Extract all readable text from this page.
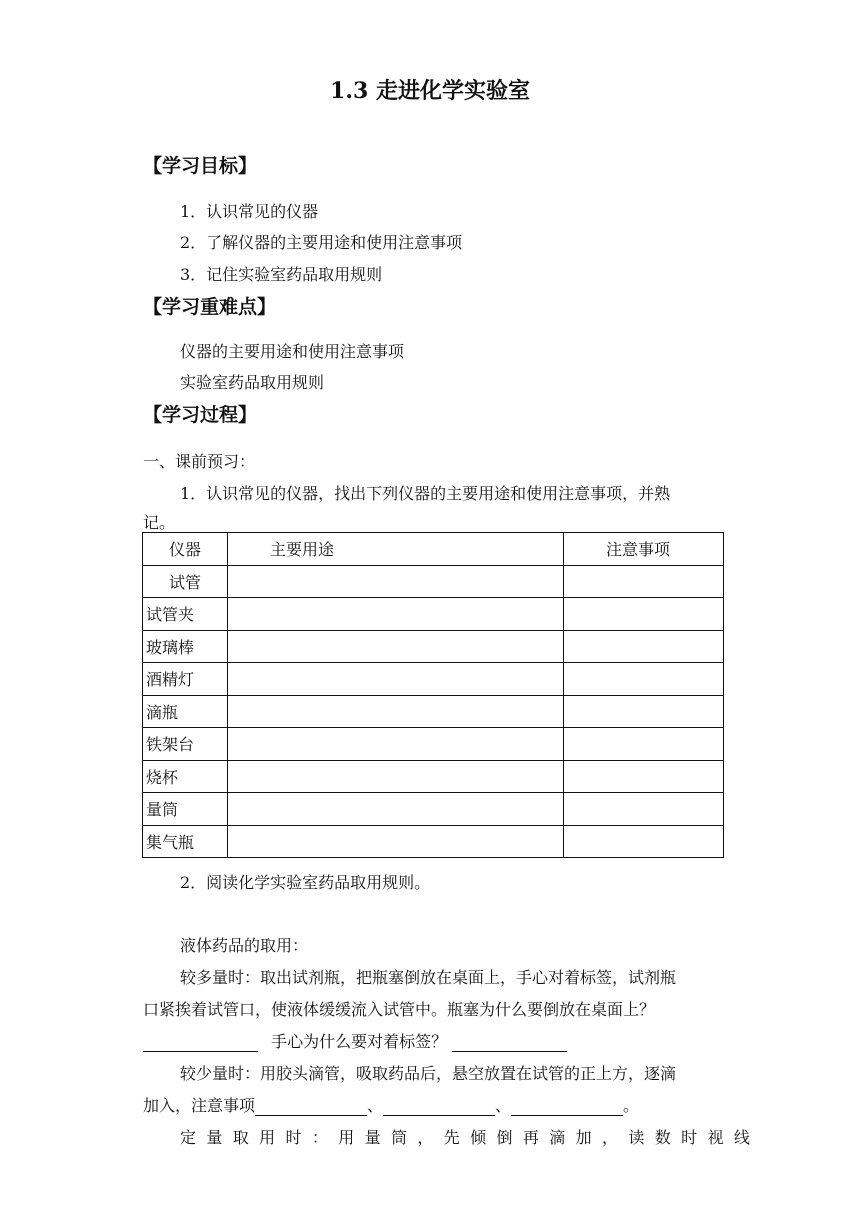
1.3 走进化学实验室
【学习目标】
1．认识常见的仪器
2．了解仪器的主要用途和使用注意事项
3．记住实验室药品取用规则
【学习重难点】
仪器的主要用途和使用注意事项
实验室药品取用规则
【学习过程】
一、课前预习：
1．认识常见的仪器，找出下列仪器的主要用途和使用注意事项，并熟
记。
仪器	主要用途	注意事项
试管		
试管夹		
玻璃棒		
酒精灯		
滴瓶		
铁架台		
烧杯		
量筒		
集气瓶		
2．阅读化学实验室药品取用规则。
液体药品的取用：
较多量时：取出试剂瓶，把瓶塞倒放在桌面上，手心对着标签，试剂瓶
口紧挨着试管口，使液体缓缓流入试管中。瓶塞为什么要倒放在桌面上？
手心为什么要对着标签？
较少量时：用胶头滴管，吸取药品后，悬空放置在试管的正上方，逐滴
加入，注意事项	、	、	。
定 量 取 用 时 ： 用 量 筒 ， 先 倾 倒 再 滴 加 ， 读 数 时 视 线
